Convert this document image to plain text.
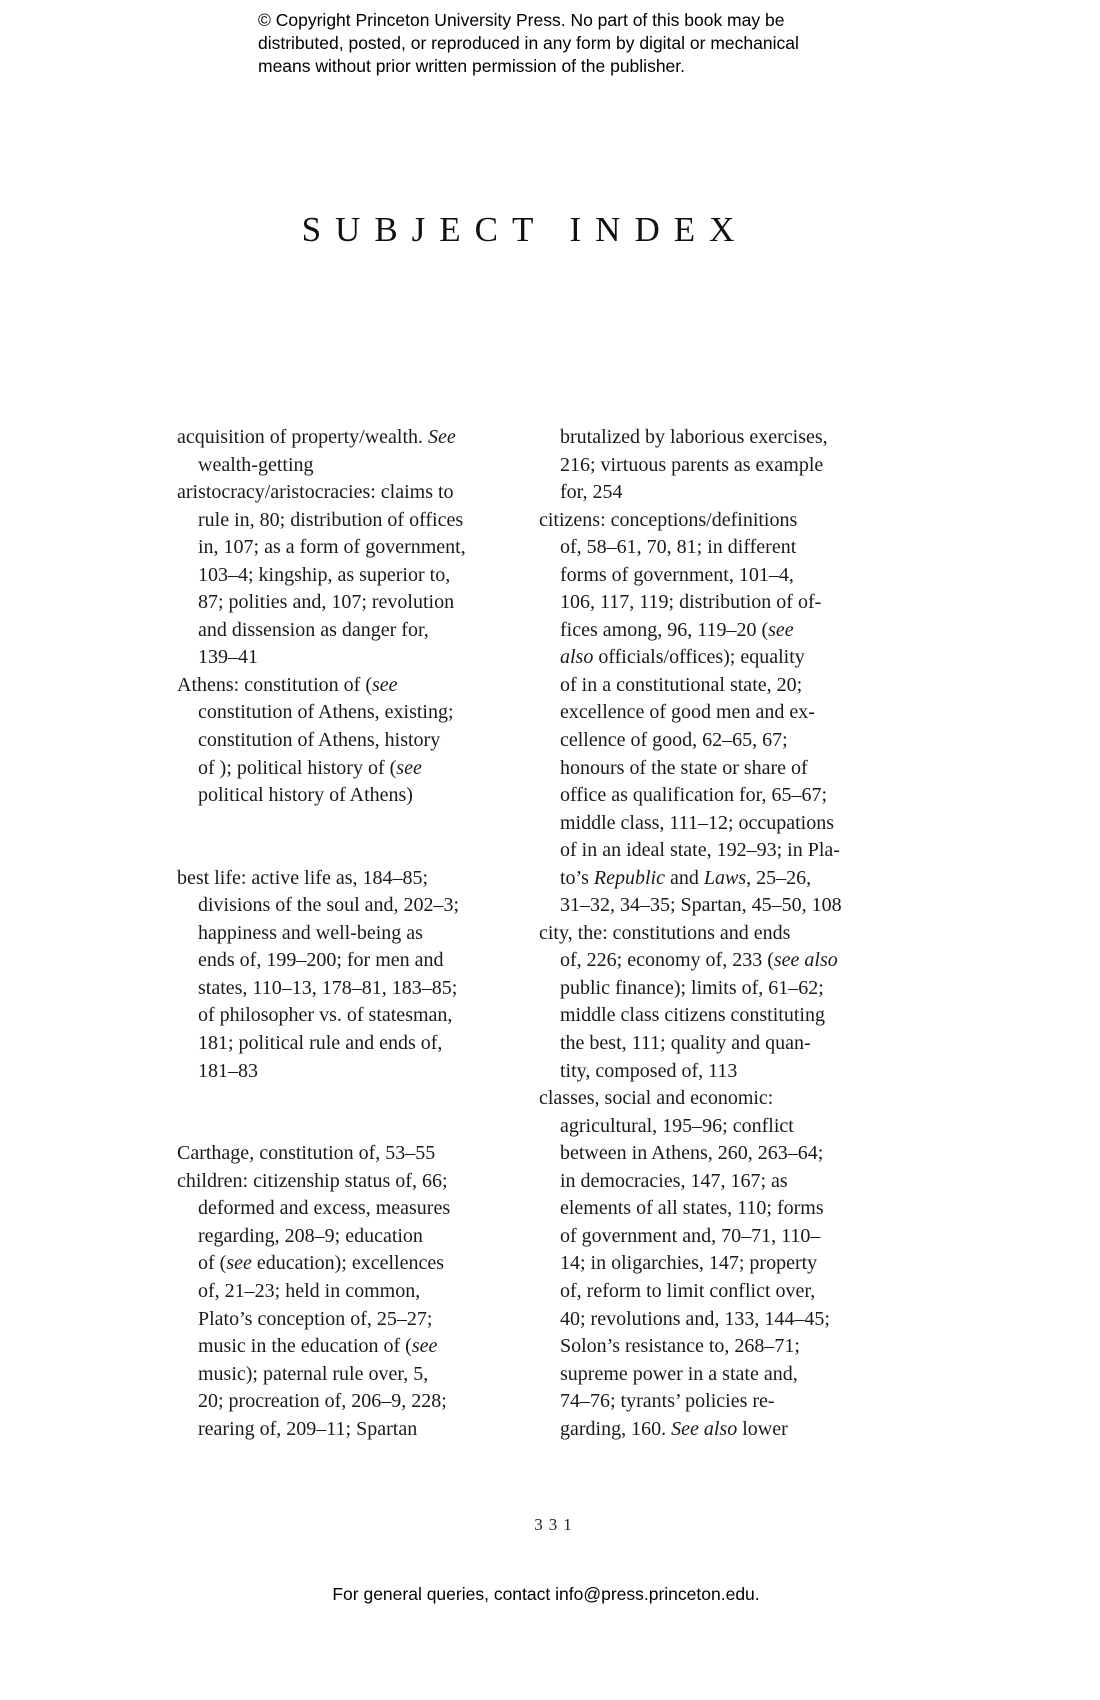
© Copyright Princeton University Press. No part of this book may be
distributed, posted, or reproduced in any form by digital or mechanical
means without prior written permission of the publisher.
SUBJECT INDEX
acquisition of property/wealth. See
wealth-getting
aristocracy/aristocracies: claims to
rule in, 80; distribution of offices
in, 107; as a form of government,
103–4; kingship, as superior to,
87; polities and, 107; revolution
and dissension as danger for,
139–41
Athens: constitution of (see
constitution of Athens, existing;
constitution of Athens, history
of ); political history of (see
political history of Athens)
best life: active life as, 184–85;
divisions of the soul and, 202–3;
happiness and well-being as
ends of, 199–200; for men and
states, 110–13, 178–81, 183–85;
of philosopher vs. of statesman,
181; political rule and ends of,
181–83
Carthage, constitution of, 53–55
children: citizenship status of, 66;
deformed and excess, measures
regarding, 208–9; education
of (see education); excellences
of, 21–23; held in common,
Plato’s conception of, 25–27;
music in the education of (see
music); paternal rule over, 5,
20; procreation of, 206–9, 228;
rearing of, 209–11; Spartan
brutalized by laborious exercises,
216; virtuous parents as example
for, 254
citizens: conceptions/definitions
of, 58–61, 70, 81; in different
forms of government, 101–4,
106, 117, 119; distribution of of-
fices among, 96, 119–20 (see
also officials/offices); equality
of in a constitutional state, 20;
excellence of good men and ex-
cellence of good, 62–65, 67;
honours of the state or share of
office as qualification for, 65–67;
middle class, 111–12; occupations
of in an ideal state, 192–93; in Pla-
to’s Republic and Laws, 25–26,
31–32, 34–35; Spartan, 45–50, 108
city, the: constitutions and ends
of, 226; economy of, 233 (see also
public finance); limits of, 61–62;
middle class citizens constituting
the best, 111; quality and quan-
tity, composed of, 113
classes, social and economic:
agricultural, 195–96; conflict
between in Athens, 260, 263–64;
in democracies, 147, 167; as
elements of all states, 110; forms
of government and, 70–71, 110–
14; in oligarchies, 147; property
of, reform to limit conflict over,
40; revolutions and, 133, 144–45;
Solon’s resistance to, 268–71;
supreme power in a state and,
74–76; tyrants’ policies re-
garding, 160. See also lower
331
For general queries, contact info@press.princeton.edu.
